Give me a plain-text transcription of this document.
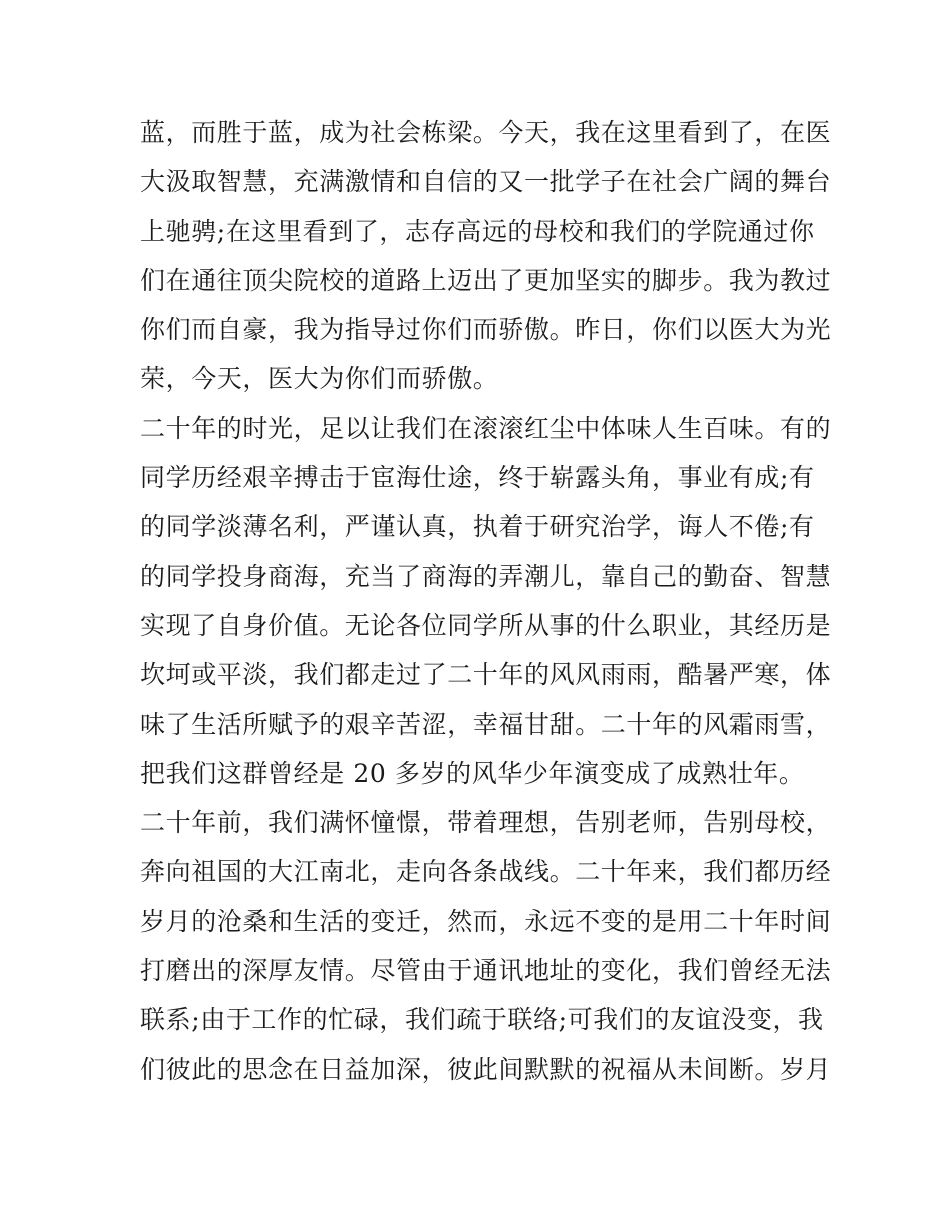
蓝，而胜于蓝，成为社会栋梁。今天，我在这里看到了，在医
大汲取智慧，充满激情和自信的又一批学子在社会广阔的舞台
上驰骋;在这里看到了，志存高远的母校和我们的学院通过你
们在通往顶尖院校的道路上迈出了更加坚实的脚步。我为教过
你们而自豪，我为指导过你们而骄傲。昨日，你们以医大为光
荣，今天，医大为你们而骄傲。
二十年的时光，足以让我们在滚滚红尘中体味人生百味。有的
同学历经艰辛搏击于宦海仕途，终于崭露头角，事业有成;有
的同学淡薄名利，严谨认真，执着于研究治学，诲人不倦;有
的同学投身商海，充当了商海的弄潮儿，靠自己的勤奋、智慧
实现了自身价值。无论各位同学所从事的什么职业，其经历是
坎坷或平淡，我们都走过了二十年的风风雨雨，酷暑严寒，体
味了生活所赋予的艰辛苦涩，幸福甘甜。二十年的风霜雨雪，
把我们这群曾经是 20 多岁的风华少年演变成了成熟壮年。
二十年前，我们满怀憧憬，带着理想，告别老师，告别母校，
奔向祖国的大江南北，走向各条战线。二十年来，我们都历经
岁月的沧桑和生活的变迁，然而，永远不变的是用二十年时间
打磨出的深厚友情。尽管由于通讯地址的变化，我们曾经无法
联系;由于工作的忙碌，我们疏于联络;可我们的友谊没变，我
们彼此的思念在日益加深，彼此间默默的祝福从未间断。岁月
